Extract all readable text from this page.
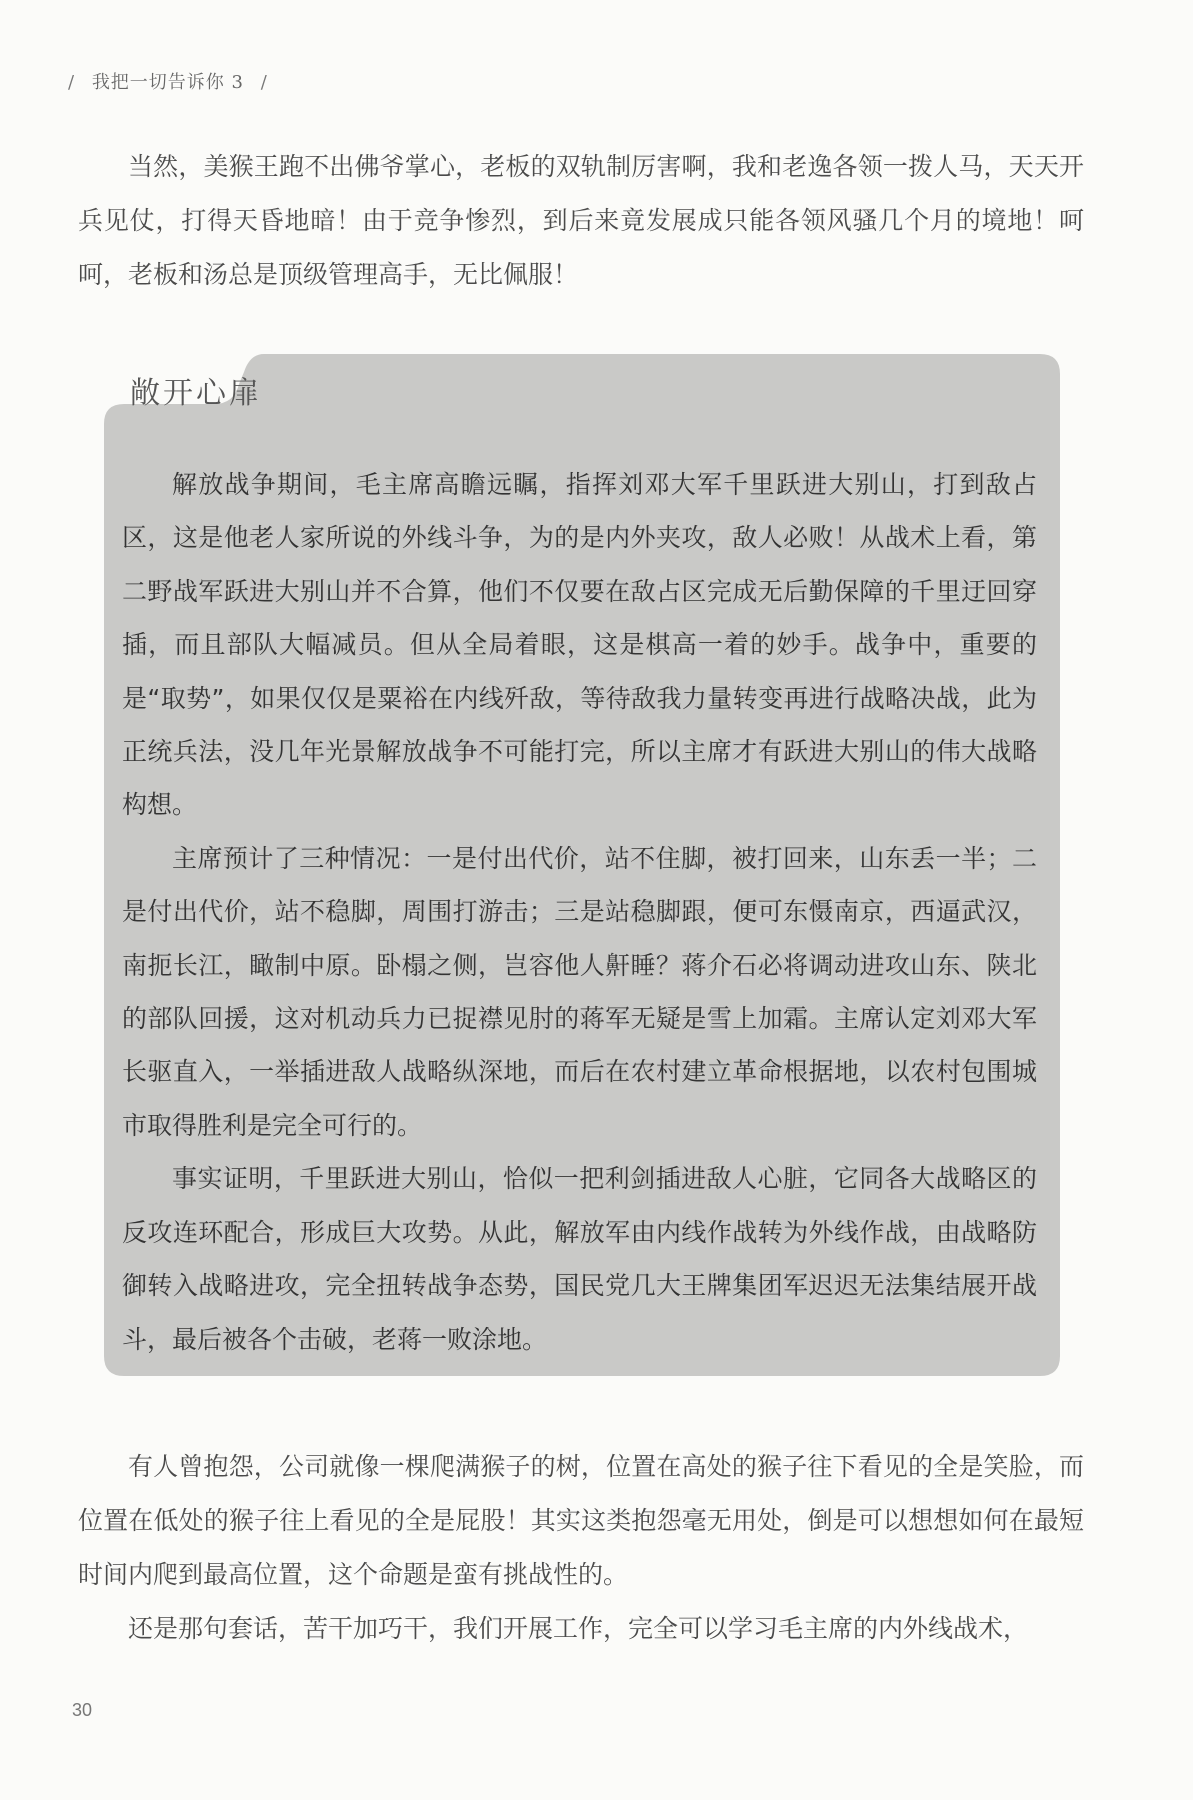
/ 我把一切告诉你 3 /

当然，美猴王跑不出佛爷掌心，老板的双轨制厉害啊，我和老逸各领一拨人马，天天开兵见仗，打得天昏地暗！由于竞争惨烈，到后来竟发展成只能各领风骚几个月的境地！呵呵，老板和汤总是顶级管理高手，无比佩服！

敞开心扉

解放战争期间，毛主席高瞻远瞩，指挥刘邓大军千里跃进大别山，打到敌占区，这是他老人家所说的外线斗争，为的是内外夹攻，敌人必败！从战术上看，第二野战军跃进大别山并不合算，他们不仅要在敌占区完成无后勤保障的千里迂回穿插，而且部队大幅减员。但从全局着眼，这是棋高一着的妙手。战争中，重要的是“取势”，如果仅仅是粟裕在内线歼敌，等待敌我力量转变再进行战略决战，此为正统兵法，没几年光景解放战争不可能打完，所以主席才有跃进大别山的伟大战略构想。

主席预计了三种情况：一是付出代价，站不住脚，被打回来，山东丢一半；二是付出代价，站不稳脚，周围打游击；三是站稳脚跟，便可东慑南京，西逼武汉，南扼长江，瞰制中原。卧榻之侧，岂容他人鼾睡？蒋介石必将调动进攻山东、陕北的部队回援，这对机动兵力已捉襟见肘的蒋军无疑是雪上加霜。主席认定刘邓大军长驱直入，一举插进敌人战略纵深地，而后在农村建立革命根据地，以农村包围城市取得胜利是完全可行的。

事实证明，千里跃进大别山，恰似一把利剑插进敌人心脏，它同各大战略区的反攻连环配合，形成巨大攻势。从此，解放军由内线作战转为外线作战，由战略防御转入战略进攻，完全扭转战争态势，国民党几大王牌集团军迟迟无法集结展开战斗，最后被各个击破，老蒋一败涂地。

有人曾抱怨，公司就像一棵爬满猴子的树，位置在高处的猴子往下看见的全是笑脸，而位置在低处的猴子往上看见的全是屁股！其实这类抱怨毫无用处，倒是可以想想如何在最短时间内爬到最高位置，这个命题是蛮有挑战性的。

还是那句套话，苦干加巧干，我们开展工作，完全可以学习毛主席的内外线战术，

30
